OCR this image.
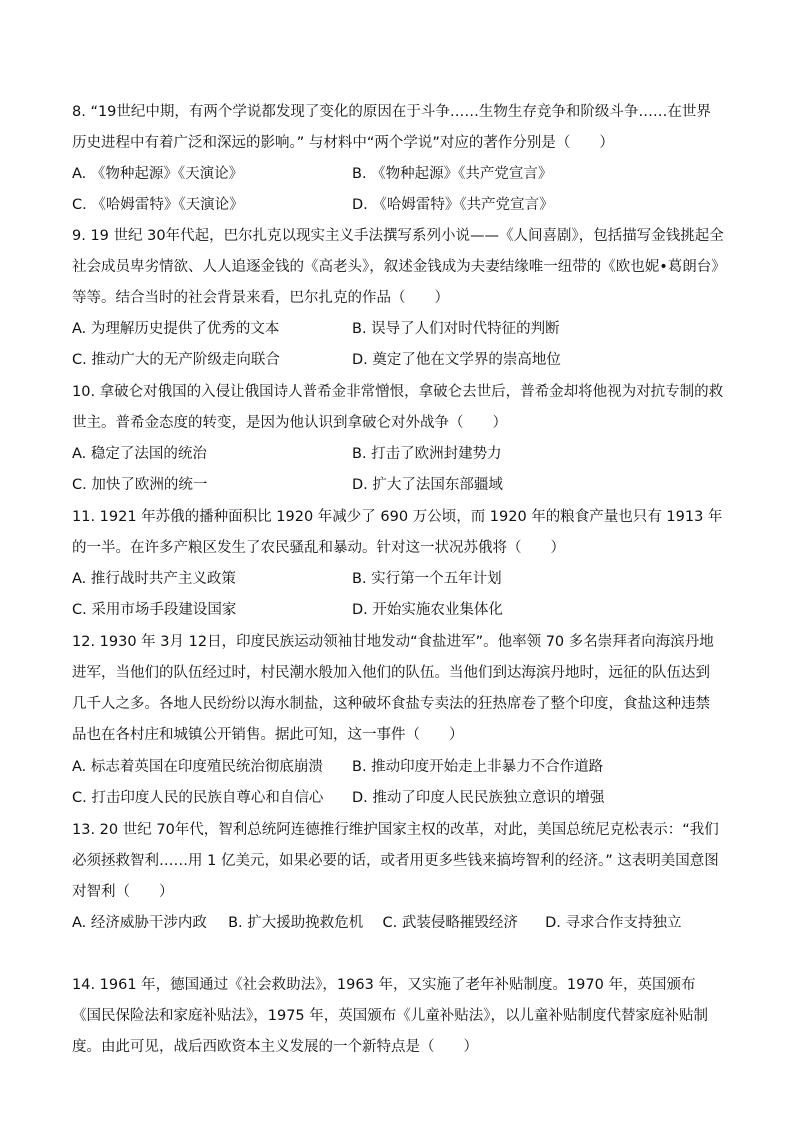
8. “19世纪中期，有两个学说都发现了变化的原因在于斗争……生物生存竞争和阶级斗争……在世界历史进程中有着广泛和深远的影响。” 与材料中“两个学说”对应的著作分别是（　　）

A. 《物种起源》《天演论》	B. 《物种起源》《共产党宣言》
C. 《哈姆雷特》《天演论》	D. 《哈姆雷特》《共产党宣言》

9. 19 世纪 30年代起，巴尔扎克以现实主义手法撰写系列小说——《人间喜剧》，包括描写金钱挑起全社会成员卑劣情欲、人人追逐金钱的《高老头》，叙述金钱成为夫妻结缘唯一纽带的《欧也妮•葛朗台》等等。结合当时的社会背景来看，巴尔扎克的作品（　　）

A. 为理解历史提供了优秀的文本	B. 误导了人们对时代特征的判断
C. 推动广大的无产阶级走向联合	D. 奠定了他在文学界的崇高地位

10. 拿破仑对俄国的入侵让俄国诗人普希金非常憎恨，拿破仑去世后，普希金却将他视为对抗专制的救世主。普希金态度的转变，是因为他认识到拿破仑对外战争（　　）

A. 稳定了法国的统治	B. 打击了欧洲封建势力
C. 加快了欧洲的统一	D. 扩大了法国东部疆域

11. 1921 年苏俄的播种面积比 1920 年减少了 690 万公顷，而 1920 年的粮食产量也只有 1913 年的一半。在许多产粮区发生了农民骚乱和暴动。针对这一状况苏俄将（　　）

A. 推行战时共产主义政策	B. 实行第一个五年计划
C. 采用市场手段建设国家	D. 开始实施农业集体化

12. 1930 年 3月 12日，印度民族运动领袖甘地发动“食盐进军”。他率领 70 多名崇拜者向海滨丹地进军，当他们的队伍经过时，村民潮水般加入他们的队伍。当他们到达海滨丹地时，远征的队伍达到几千人之多。各地人民纷纷以海水制盐，这种破坏食盐专卖法的狂热席卷了整个印度，食盐这种违禁品也在各村庄和城镇公开销售。据此可知，这一事件（　　）

A. 标志着英国在印度殖民统治彻底崩溃 B. 推动印度开始走上非暴力不合作道路
C. 打击印度人民的民族自尊心和自信心 D. 推动了印度人民民族独立意识的增强

13. 20 世纪 70年代，智利总统阿连德推行维护国家主权的改革，对此，美国总统尼克松表示：“我们必须拯救智利……用 1 亿美元，如果必要的话，或者用更多些钱来搞垮智利的经济。” 这表明美国意图对智利（　　）

A. 经济威胁干涉内政 B. 扩大援助挽救危机 C. 武装侵略摧毁经济 D. 寻求合作支持独立

14. 1961 年，德国通过《社会救助法》，1963 年，又实施了老年补贴制度。1970 年，英国颁布《国民保险法和家庭补贴法》，1975 年，英国颁布《儿童补贴法》，以儿童补贴制度代替家庭补贴制度。由此可见，战后西欧资本主义发展的一个新特点是（　　）
